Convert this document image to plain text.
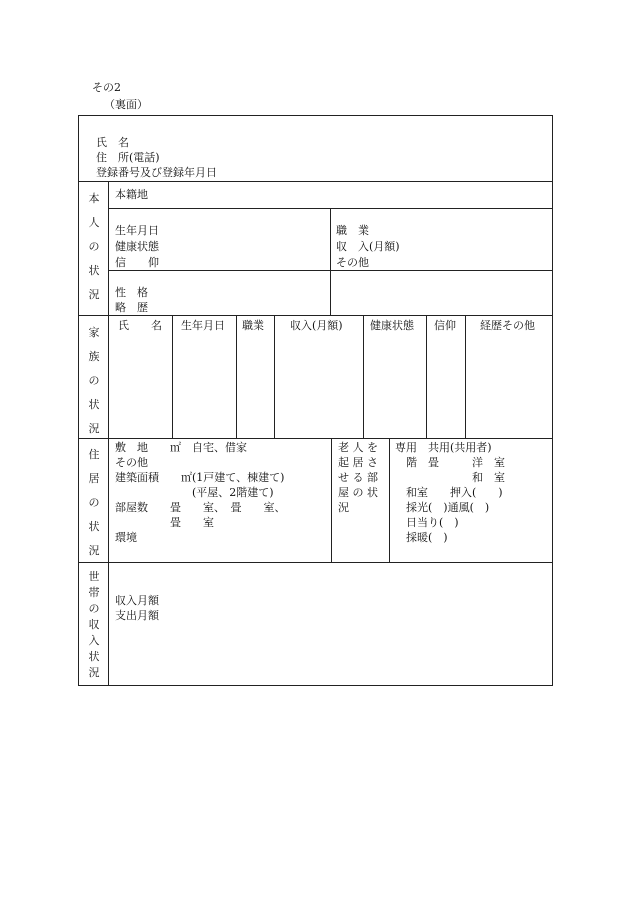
その2
（裏面）
氏　名
住　所(電話)
登録番号及び登録年月日
本
人
の
状
況
本籍地
生年月日
健康状態
信　　仰
職　業
収　入(月額)
その他
性　格
略　歴
家
族
の
状
況
氏　　名 生年月日 職業 収入(月額) 健康状態 信仰 経歴その他
住
居
の
状
況
敷　地　　㎡　自宅、借家
その他
建築面積　　㎡(1戸建て、棟建て)
　　　　　　　(平屋、2階建て)
部屋数　　畳　　室、　畳　　室、
　　　　　畳　　室
環境
老 人 を
起 居 さ
せ る 部
屋 の 状
況
専用　共用(共用者)
　階　畳　　　洋　室
　　　　　　　和　室
　和室　　押入(　　)
　採光(　)通風(　)
　日当り(　)
　採暖(　)
世
帯
の
収
入
状
況
収入月額
支出月額
